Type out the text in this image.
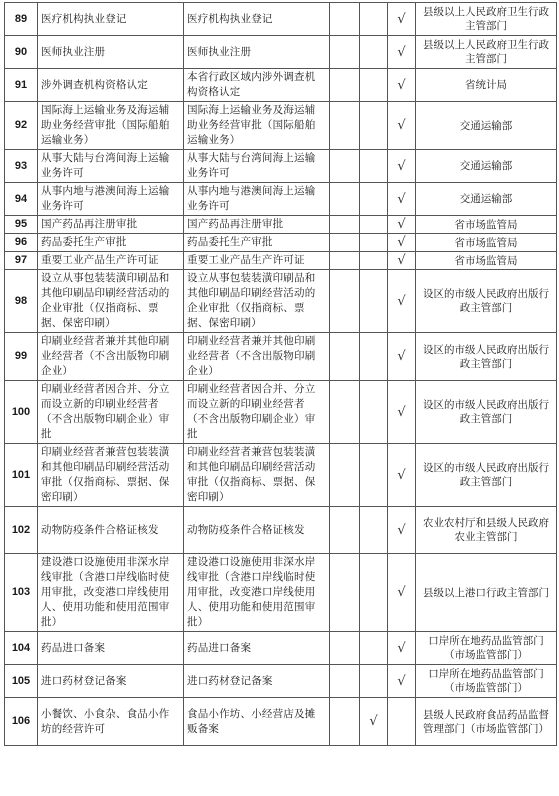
89	医疗机构执业登记	医疗机构执业登记			√	县级以上人民政府卫生行政主管部门
90	医师执业注册	医师执业注册			√	县级以上人民政府卫生行政主管部门
91	涉外调查机构资格认定	本省行政区域内涉外调查机构资格认定			√	省统计局
92	国际海上运输业务及海运辅助业务经营审批（国际船舶运输业务）	国际海上运输业务及海运辅助业务经营审批（国际船舶运输业务）			√	交通运输部
93	从事大陆与台湾间海上运输业务许可	从事大陆与台湾间海上运输业务许可			√	交通运输部
94	从事内地与港澳间海上运输业务许可	从事内地与港澳间海上运输业务许可			√	交通运输部
95	国产药品再注册审批	国产药品再注册审批			√	省市场监管局
96	药品委托生产审批	药品委托生产审批			√	省市场监管局
97	重要工业产品生产许可证	重要工业产品生产许可证			√	省市场监管局
98	设立从事包装装潢印刷品和其他印刷品印刷经营活动的企业审批（仅指商标、票据、保密印刷）	设立从事包装装潢印刷品和其他印刷品印刷经营活动的企业审批（仅指商标、票据、保密印刷）			√	设区的市级人民政府出版行政主管部门
99	印刷业经营者兼并其他印刷业经营者（不含出版物印刷企业）	印刷业经营者兼并其他印刷业经营者（不含出版物印刷企业）			√	设区的市级人民政府出版行政主管部门
100	印刷业经营者因合并、分立而设立新的印刷业经营者（不含出版物印刷企业）审批	印刷业经营者因合并、分立而设立新的印刷业经营者（不含出版物印刷企业）审批			√	设区的市级人民政府出版行政主管部门
101	印刷业经营者兼营包装装潢和其他印刷品印刷经营活动审批（仅指商标、票据、保密印刷）	印刷业经营者兼营包装装潢和其他印刷品印刷经营活动审批（仅指商标、票据、保密印刷）			√	设区的市级人民政府出版行政主管部门
102	动物防疫条件合格证核发	动物防疫条件合格证核发			√	农业农村厅和县级人民政府农业主管部门
103	建设港口设施使用非深水岸线审批（含港口岸线临时使用审批，改变港口岸线使用人、使用功能和使用范围审批）	建设港口设施使用非深水岸线审批（含港口岸线临时使用审批，改变港口岸线使用人、使用功能和使用范围审批）			√	县级以上港口行政主管部门
104	药品进口备案	药品进口备案			√	口岸所在地药品监管部门（市场监管部门）
105	进口药材登记备案	进口药材登记备案			√	口岸所在地药品监管部门（市场监管部门）
106	小餐饮、小食杂、食品小作坊的经营许可	食品小作坊、小经营店及摊贩备案		√		县级人民政府食品药品监督管理部门（市场监管部门）
